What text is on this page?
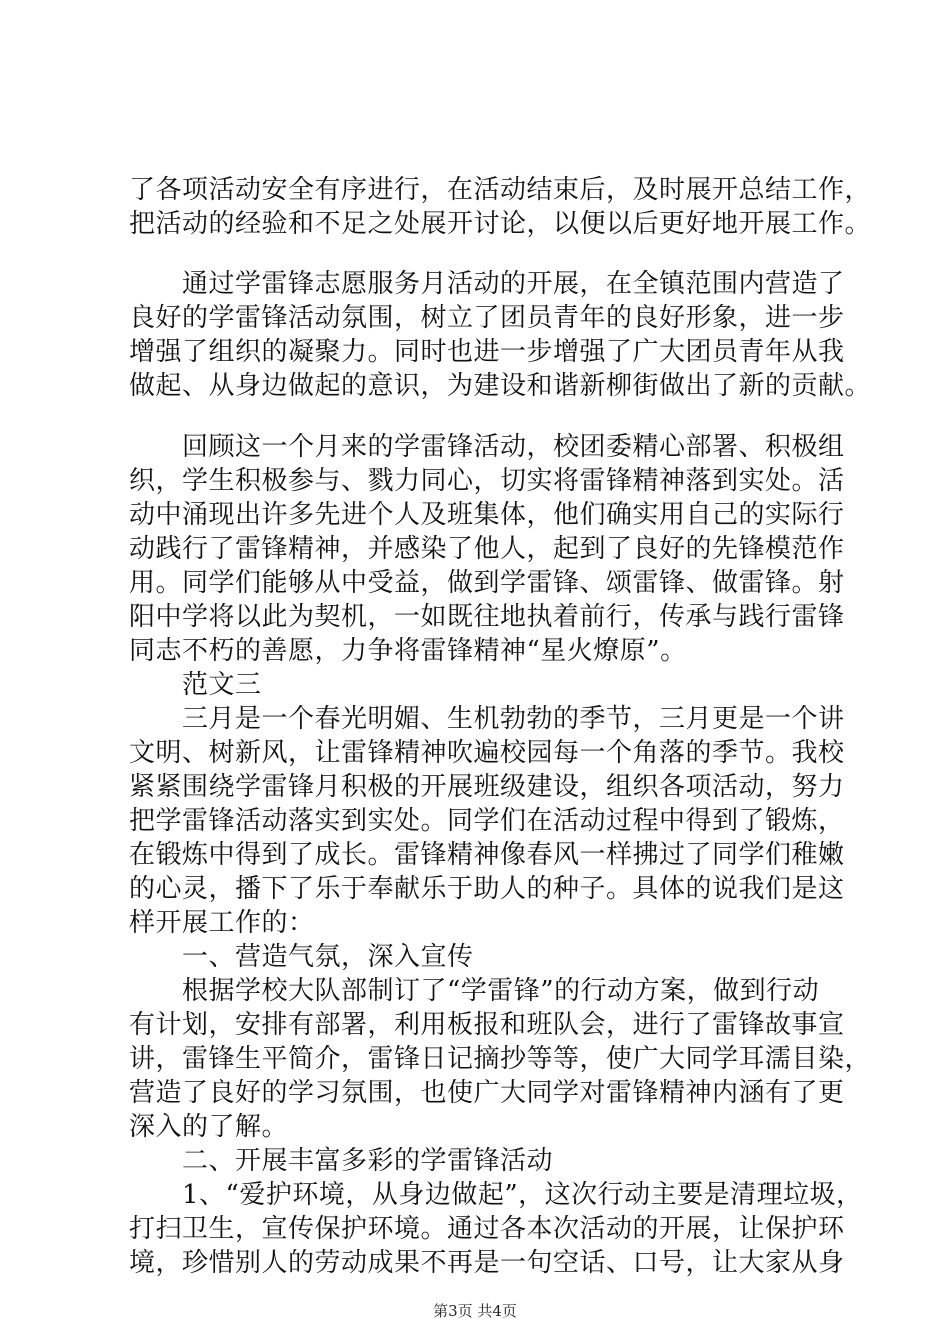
了各项活动安全有序进行，在活动结束后，及时展开总结工作，
把活动的经验和不足之处展开讨论，以便以后更好地开展工作。
通过学雷锋志愿服务月活动的开展，在全镇范围内营造了
良好的学雷锋活动氛围，树立了团员青年的良好形象，进一步
增强了组织的凝聚力。同时也进一步增强了广大团员青年从我
做起、从身边做起的意识，为建设和谐新柳街做出了新的贡献。
回顾这一个月来的学雷锋活动，校团委精心部署、积极组
织，学生积极参与、戮力同心，切实将雷锋精神落到实处。活
动中涌现出许多先进个人及班集体，他们确实用自己的实际行
动践行了雷锋精神，并感染了他人，起到了良好的先锋模范作
用。同学们能够从中受益，做到学雷锋、颂雷锋、做雷锋。射
阳中学将以此为契机，一如既往地执着前行，传承与践行雷锋
同志不朽的善愿，力争将雷锋精神“星火燎原”。
范文三
三月是一个春光明媚、生机勃勃的季节，三月更是一个讲
文明、树新风，让雷锋精神吹遍校园每一个角落的季节。我校
紧紧围绕学雷锋月积极的开展班级建设，组织各项活动，努力
把学雷锋活动落实到实处。同学们在活动过程中得到了锻炼，
在锻炼中得到了成长。雷锋精神像春风一样拂过了同学们稚嫩
的心灵，播下了乐于奉献乐于助人的种子。具体的说我们是这
样开展工作的：
一、营造气氛，深入宣传
根据学校大队部制订了“学雷锋”的行动方案，做到行动
有计划，安排有部署，利用板报和班队会，进行了雷锋故事宣
讲，雷锋生平简介，雷锋日记摘抄等等，使广大同学耳濡目染，
营造了良好的学习氛围，也使广大同学对雷锋精神内涵有了更
深入的了解。
二、开展丰富多彩的学雷锋活动
1、“爱护环境，从身边做起”，这次行动主要是清理垃圾，
打扫卫生，宣传保护环境。通过各本次活动的开展，让保护环
境，珍惜别人的劳动成果不再是一句空话、口号，让大家从身
第3页 共4页
